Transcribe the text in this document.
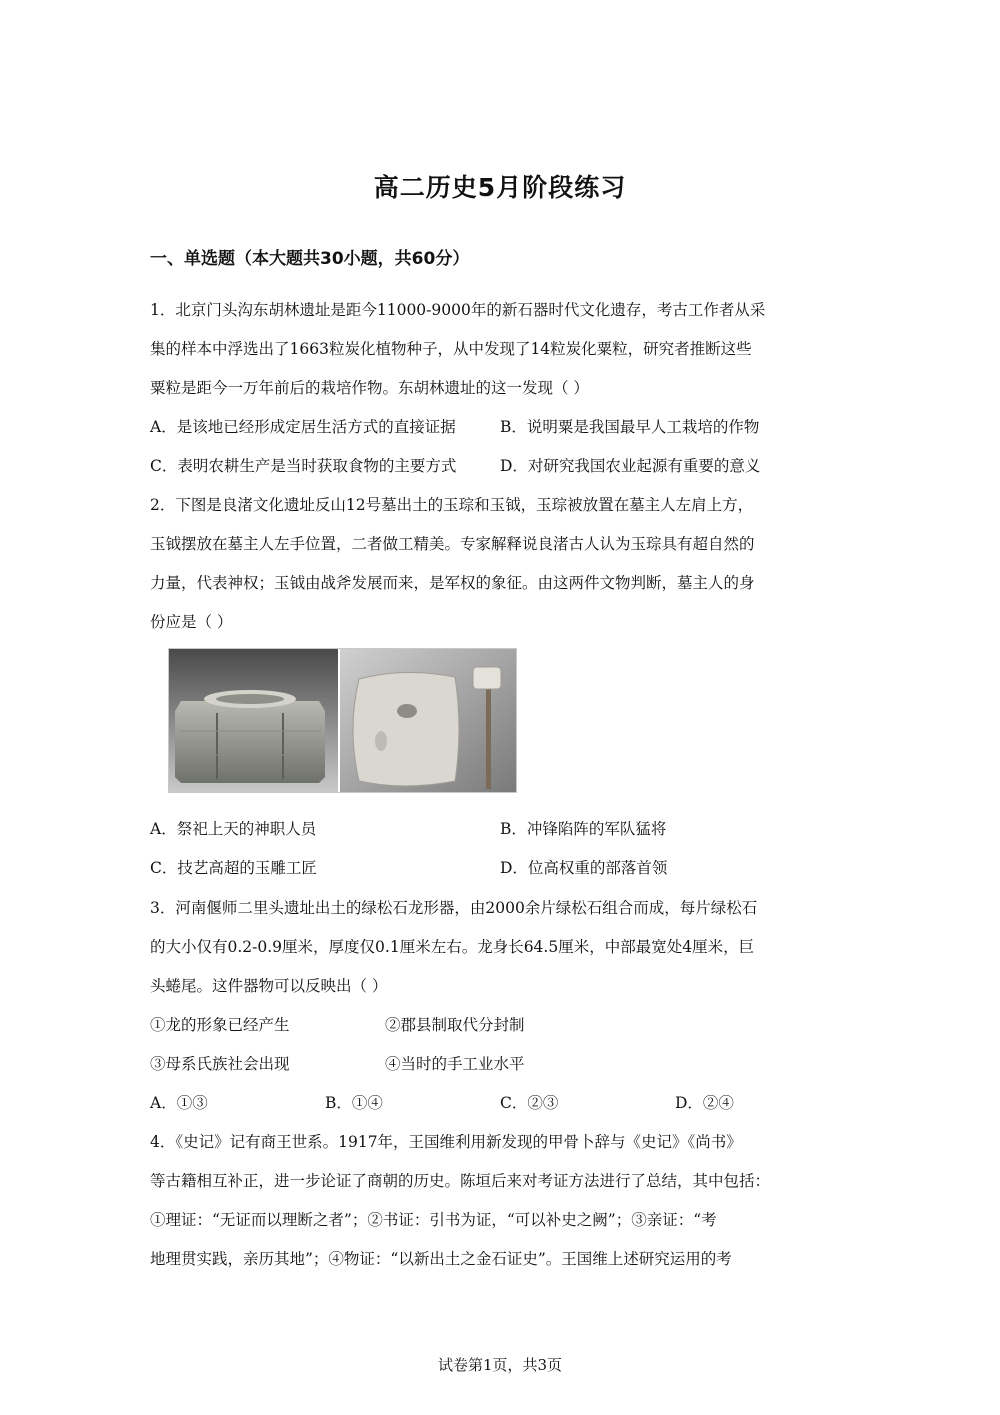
高二历史5月阶段练习
一、单选题（本大题共30小题，共60分）
1．北京门头沟东胡林遗址是距今11000-9000年的新石器时代文化遗存，考古工作者从采
集的样本中浮选出了1663粒炭化植物种子，从中发现了14粒炭化粟粒，研究者推断这些
粟粒是距今一万年前后的栽培作物。东胡林遗址的这一发现（ ）
A．是该地已经形成定居生活方式的直接证据	B．说明粟是我国最早人工栽培的作物
C．表明农耕生产是当时获取食物的主要方式	D．对研究我国农业起源有重要的意义
2．下图是良渚文化遗址反山12号墓出土的玉琮和玉钺，玉琮被放置在墓主人左肩上方，
玉钺摆放在墓主人左手位置，二者做工精美。专家解释说良渚古人认为玉琮具有超自然的
力量，代表神权；玉钺由战斧发展而来，是军权的象征。由这两件文物判断，墓主人的身
份应是（ ）
A．祭祀上天的神职人员	B．冲锋陷阵的军队猛将
C．技艺高超的玉雕工匠	D．位高权重的部落首领
3．河南偃师二里头遗址出土的绿松石龙形器，由2000余片绿松石组合而成，每片绿松石
的大小仅有0.2-0.9厘米，厚度仅0.1厘米左右。龙身长64.5厘米，中部最宽处4厘米，巨
头蜷尾。这件器物可以反映出（ ）
①龙的形象已经产生	②郡县制取代分封制
③母系氏族社会出现	④当时的手工业水平
A．①③	B．①④	C．②③	D．②④
4．《史记》记有商王世系。1917年，王国维利用新发现的甲骨卜辞与《史记》《尚书》
等古籍相互补正，进一步论证了商朝的历史。陈垣后来对考证方法进行了总结，其中包括：
①理证：“无证而以理断之者”；②书证：引书为证，“可以补史之阙”；③亲证：“考
地理贯实践，亲历其地”；④物证：“以新出土之金石证史”。王国维上述研究运用的考
试卷第1页，共3页
